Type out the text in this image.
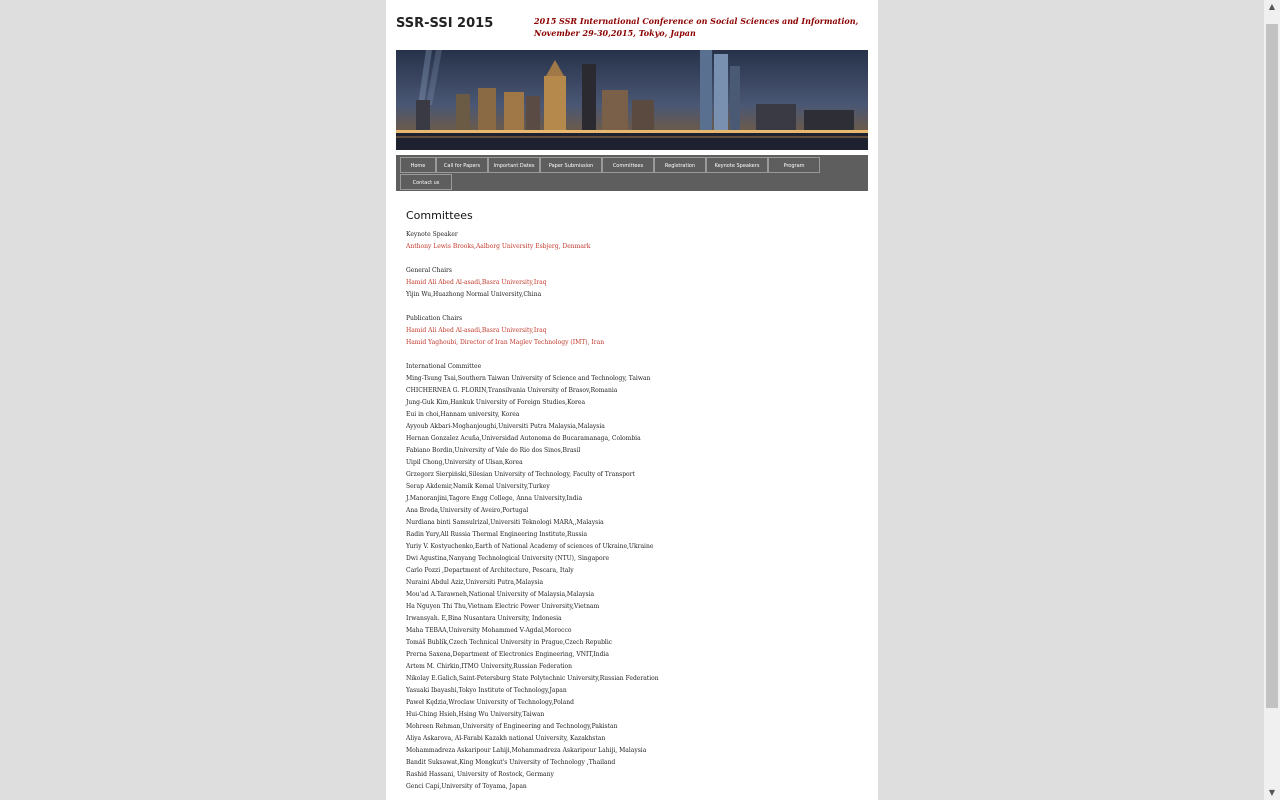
SSR-SSI 2015	2015 SSR International Conference on Social Sciences and Information,
November 29-30,2015, Tokyo, Japan
Home	Call for Papers	Important Dates	Paper Submission	Committees	Registration	Keynote Speakers	Program
Contact us
Committees
Keynote Speaker
Anthony Lewis Brooks,Aalborg University Esbjerg, Denmark
General Chairs
Hamid Ali Abed Al-asadi,Basra University,Iraq
Yijin Wu,Huazhong Normal University,China
Publication Chairs
Hamid Ali Abed Al-asadi,Basra University,Iraq
Hamid Yaghoubi, Director of Iran Maglev Technology (IMT), Iran
International Committee
Ming-Tsung Tsai,Southern Taiwan University of Science and Technology, Taiwan
CHICHERNEA G. FLORIN,Transilvania University of Brasov,Romania
Jung-Guk Kim,Hankuk University of Foreign Studies,Korea
Eui in choi,Hannam university, Korea
Ayyoub Akbari-Moghanjoughi,Universiti Putra Malaysia,Malaysia
Hernan Gonzalez Acuña,Universidad Autonoma de Bucaramanaga, Colombia
Fabiano Bordin,University of Vale do Rio dos Sinos,Brasil
Uipil Chong,University of Ulsan,Korea
Grzegorz Sierpiński,Silesian University of Technology, Faculty of Transport
Serap Akdemir,Namik Kemal University,Turkey
J.Manoranjini,Tagore Engg College, Anna University,India
Ana Breda,University of Aveiro,Portugal
Nurdiana binti Samsulrizal,Universiti Teknologi MARA,,Malaysia
Radin Yury,All Russia Thermal Engineering Institute,Russia
Yuriy V. Kostyuchenko,Earth of National Academy of sciences of Ukraine,Ukraine
Dwi Agustina,Nanyang Technological University (NTU), Singapore
Carlo Pozzi ,Department of Architecture, Pescara, Italy
Nuraini Abdul Aziz,Universiti Putra,Malaysia
Mou'ad A.Tarawneh,National University of Malaysia,Malaysia
Ha Nguyen Thi Thu,Vietnam Electric Power University,Vietnam
Irwansyah. E,Bina Nusantara University, Indonesia
Maha TEBAA,University Mohammed V-Agdal,Morocco
Tomáš Bublík,Czech Technical University in Prague,Czech Republic
Prerna Saxena,Department of Electronics Engineering, VNIT,India
Artem M. Chirkin,ITMO University,Russian Federation
Nikolay E.Galich,Saint-Petersburg State Polytechnic University,Russian Federation
Yasuaki Ibayashi,Tokyo Institute of Technology,Japan
Paweł Kędzia,Wroclaw University of Technology,Poland
Hui-Ching Hsieh,Hsing Wu University,Taiwan
Mohreen Rehman,University of Engineering and Technology,Pakistan
Aliya Askarova, Al-Farabi Kazakh national University, Kazakhstan
Mohammadreza Askaripour Lahiji,Mohammadreza Askaripour Lahiji, Malaysia
Bandit Suksawat,King Mongkut's University of Technology ,Thailand
Rashid Hassani, University of Rostock, Germany
Genci Capi,University of Toyama, Japan
▲
▼
